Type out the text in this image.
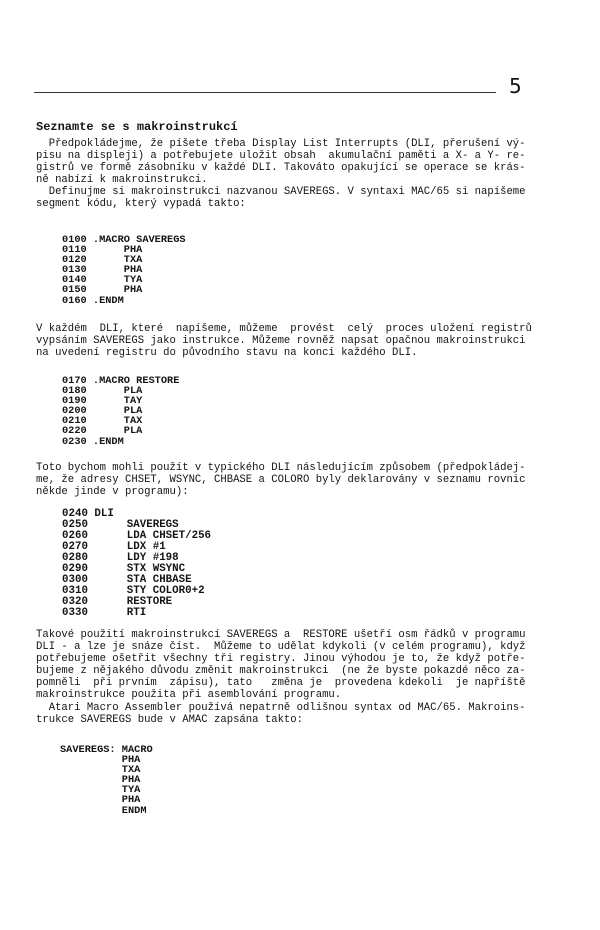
5
Seznamte se s makroinstrukcí
Předpokládejme, že píšete třeba Display List Interrupts (DLI, přerušení vý-
pisu na displeji) a potřebujete uložit obsah  akumulační paměti a X- a Y- re-
gistrů ve formě zásobníku v každé DLI. Takováto opakující se operace se krás-
ně nabízí k makroinstrukci.
Definujme si makroinstrukci nazvanou SAVEREGS. V syntaxi MAC/65 si napíšeme
segment kódu, který vypadá takto:
0100 .MACRO SAVEREGS
0110      PHA
0120      TXA
0130      PHA
0140      TYA
0150      PHA
0160 .ENDM
V každém  DLI, které  napíšeme, můžeme  provést  celý  proces uložení registrů
vypsáním SAVEREGS jako instrukce. Můžeme rovněž napsat opačnou makroinstrukci
na uvedení registru do původního stavu na konci každého DLI.
0170 .MACRO RESTORE
0180      PLA
0190      TAY
0200      PLA
0210      TAX
0220      PLA
0230 .ENDM
Toto bychom mohli použít v typického DLI následujícím způsobem (předpokládej-
me, že adresy CHSET, WSYNC, CHBASE a COLORO byly deklarovány v seznamu rovnic
někde jinde v programu):
0240 DLI
0250      SAVEREGS
0260      LDA CHSET/256
0270      LDX #1
0280      LDY #198
0290      STX WSYNC
0300      STA CHBASE
0310      STY COLOR0+2
0320      RESTORE
0330      RTI
Takové použití makroinstrukcí SAVEREGS a  RESTORE ušetří osm řádků v programu
DLI - a lze je snáze číst.  Můžeme to udělat kdykoli (v celém programu), když
potřebujeme ošetřit všechny tři registry. Jinou výhodou je to, že když potře-
bujeme z nějakého důvodu změnit makroinstrukci  (ne že byste pokazdé něco za-
pomněli  při prvním  zápisu), tato   změna je  provedena kdekoli  je napříště
makroinstrukce použita při asemblování programu.
Atari Macro Assembler používá nepatrně odlišnou syntax od MAC/65. Makroins-
trukce SAVEREGS bude v AMAC zapsána takto:
SAVEREGS: MACRO
PHA
TXA
PHA
TYA
PHA
ENDM
